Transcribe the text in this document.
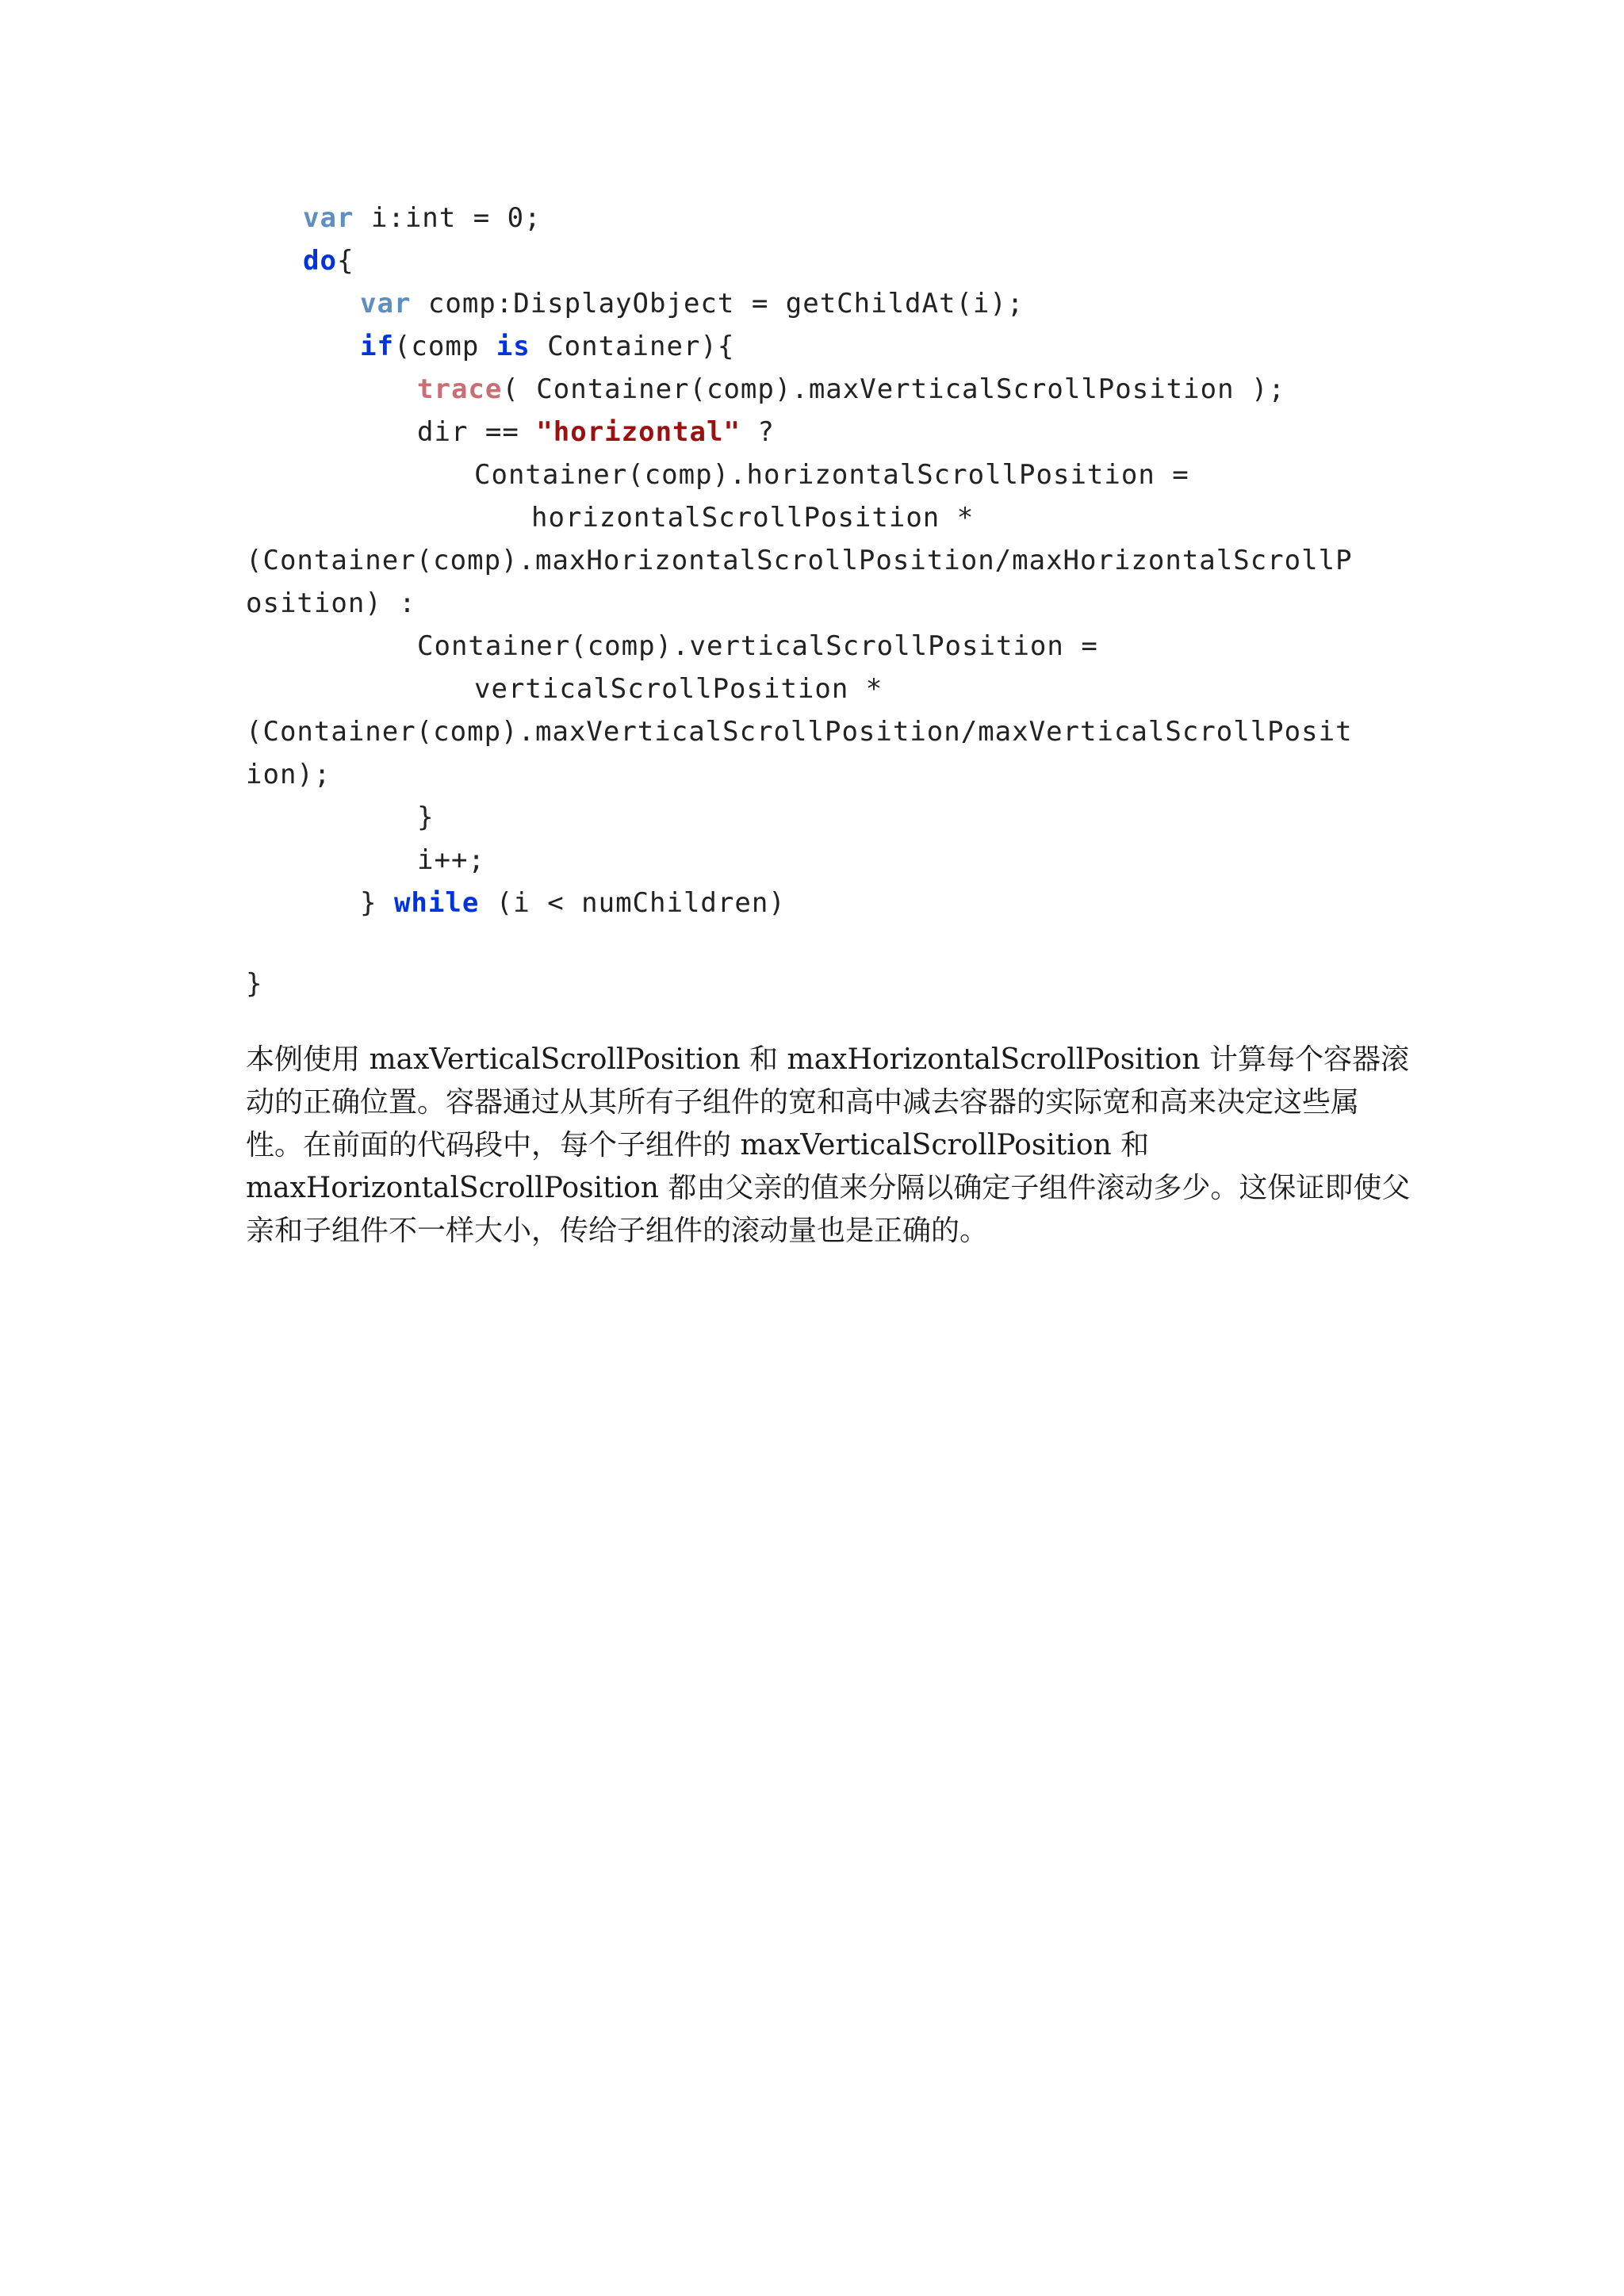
var i:int = 0;
do{
var comp:DisplayObject = getChildAt(i);
if(comp is Container){
trace( Container(comp).maxVerticalScrollPosition );
dir == "horizontal" ?
Container(comp).horizontalScrollPosition =
horizontalScrollPosition *
(Container(comp).maxHorizontalScrollPosition/maxHorizontalScrollP
osition) :
Container(comp).verticalScrollPosition =
verticalScrollPosition *
(Container(comp).maxVerticalScrollPosition/maxVerticalScrollPosit
ion);
}
i++;
} while (i < numChildren)
}
本例使用 maxVerticalScrollPosition 和 maxHorizontalScrollPosition 计算每个容器滚
动的正确位置。容器通过从其所有子组件的宽和高中减去容器的实际宽和高来决定这些属
性。在前面的代码段中，每个子组件的 maxVerticalScrollPosition 和
maxHorizontalScrollPosition 都由父亲的值来分隔以确定子组件滚动多少。这保证即使父
亲和子组件不一样大小，传给子组件的滚动量也是正确的。
